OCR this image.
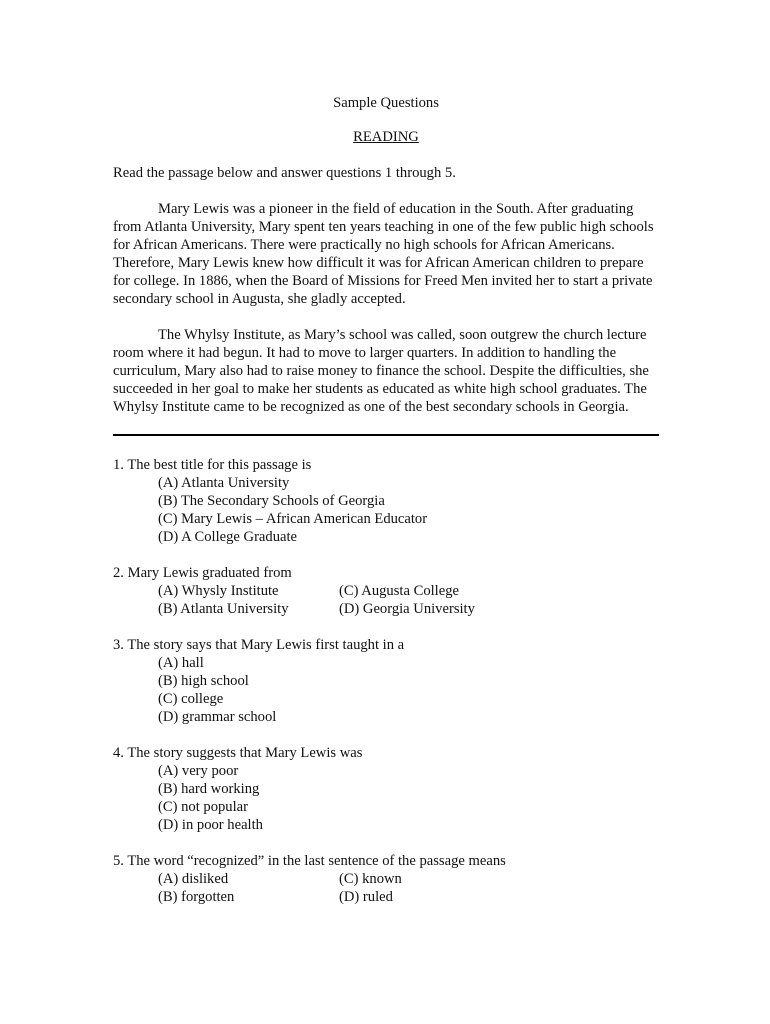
Sample Questions
READING
Read the passage below and answer questions 1 through 5.
Mary Lewis was a pioneer in the field of education in the South. After graduating from Atlanta University, Mary spent ten years teaching in one of the few public high schools for African Americans. There were practically no high schools for African Americans. Therefore, Mary Lewis knew how difficult it was for African American children to prepare for college. In 1886, when the Board of Missions for Freed Men invited her to start a private secondary school in Augusta, she gladly accepted.
The Whylsy Institute, as Mary’s school was called, soon outgrew the church lecture room where it had begun. It had to move to larger quarters. In addition to handling the curriculum, Mary also had to raise money to finance the school. Despite the difficulties, she succeeded in her goal to make her students as educated as white high school graduates. The Whylsy Institute came to be recognized as one of the best secondary schools in Georgia.
1. The best title for this passage is
(A) Atlanta University
(B) The Secondary Schools of Georgia
(C) Mary Lewis – African American Educator
(D) A College Graduate
2. Mary Lewis graduated from
(A) Whysly Institute	(C) Augusta College
(B) Atlanta University	(D) Georgia University
3. The story says that Mary Lewis first taught in a
(A) hall
(B) high school
(C) college
(D) grammar school
4. The story suggests that Mary Lewis was
(A) very poor
(B) hard working
(C) not popular
(D) in poor health
5. The word “recognized” in the last sentence of the passage means
(A) disliked	(C) known
(B) forgotten	(D) ruled
